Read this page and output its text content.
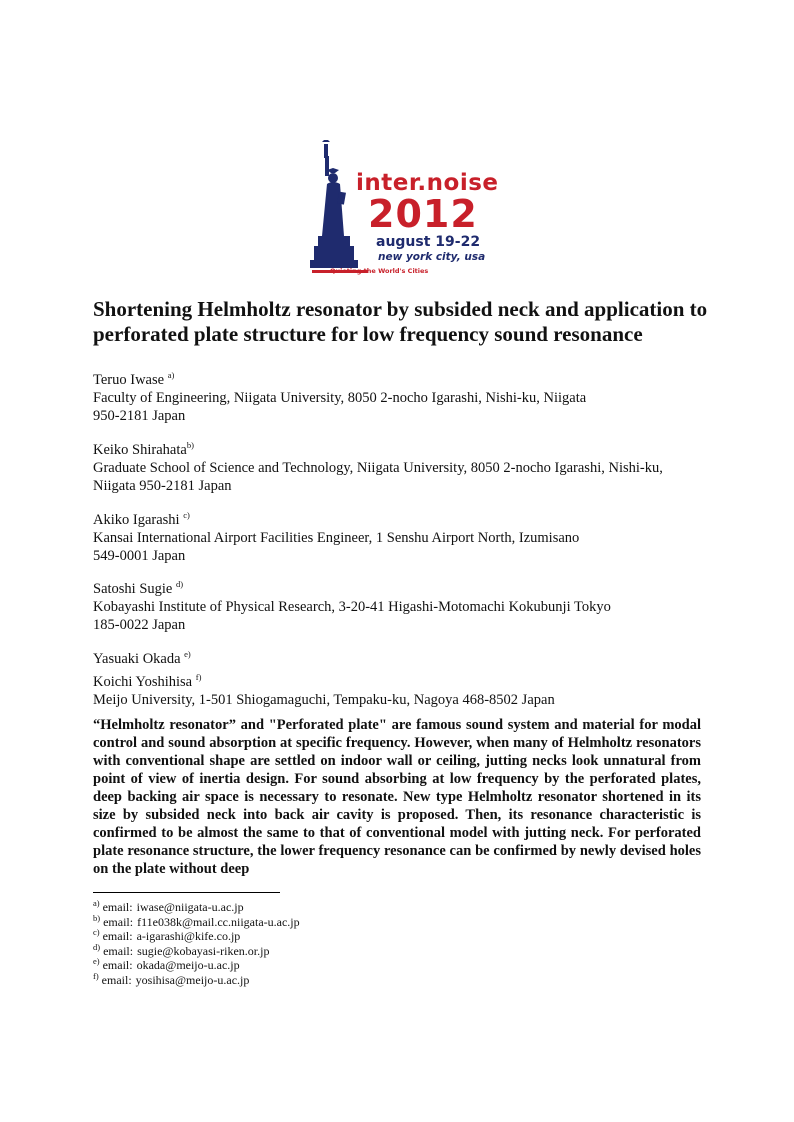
inter.noise
2012
august 19-22
new york city, usa
Quieting the World's Cities
Shortening Helmholtz resonator by subsided neck and application to perforated plate structure for low frequency sound resonance
Teruo Iwase $^{a)}$
Faculty of Engineering, Niigata University, 8050 2-nocho Igarashi, Nishi-ku, Niigata
950-2181 Japan
Keiko Shirahata$^{b)}$
Graduate School of Science and Technology, Niigata University, 8050 2-nocho Igarashi, Nishi-ku,
Niigata 950-2181 Japan
Akiko Igarashi $^{c)}$
Kansai International Airport Facilities Engineer, 1 Senshu Airport North, Izumisano
549-0001 Japan
Satoshi Sugie $^{d)}$
Kobayashi Institute of Physical Research, 3-20-41 Higashi-Motomachi Kokubunji Tokyo
185-0022 Japan
Yasuaki Okada $^{e)}$
Koichi Yoshihisa $^{f)}$
Meijo University, 1-501 Shiogamaguchi, Tempaku-ku, Nagoya 468-8502 Japan

“Helmholtz resonator” and "Perforated plate" are famous sound system and material for modal control and sound absorption at specific frequency. However, when many of Helmholtz resonators with conventional shape are settled on indoor wall or ceiling, jutting necks look unnatural from point of view of inertia design. For sound absorbing at low frequency by the perforated plates, deep backing air space is necessary to resonate. New type Helmholtz resonator shortened in its size by subsided neck into back air cavity is proposed. Then, its resonance characteristic is confirmed to be almost the same to that of conventional model with jutting neck. For perforated plate resonance structure, the lower frequency resonance can be confirmed by newly devised holes on the plate without deep

$^{a)}$ email: iwase@niigata-u.ac.jp
$^{b)}$ email: f11e038k@mail.cc.niigata-u.ac.jp
$^{c)}$ email: a-igarashi@kife.co.jp
$^{d)}$ email: sugie@kobayasi-riken.or.jp
$^{e)}$ email: okada@meijo-u.ac.jp
$^{f)}$ email: yosihisa@meijo-u.ac.jp
